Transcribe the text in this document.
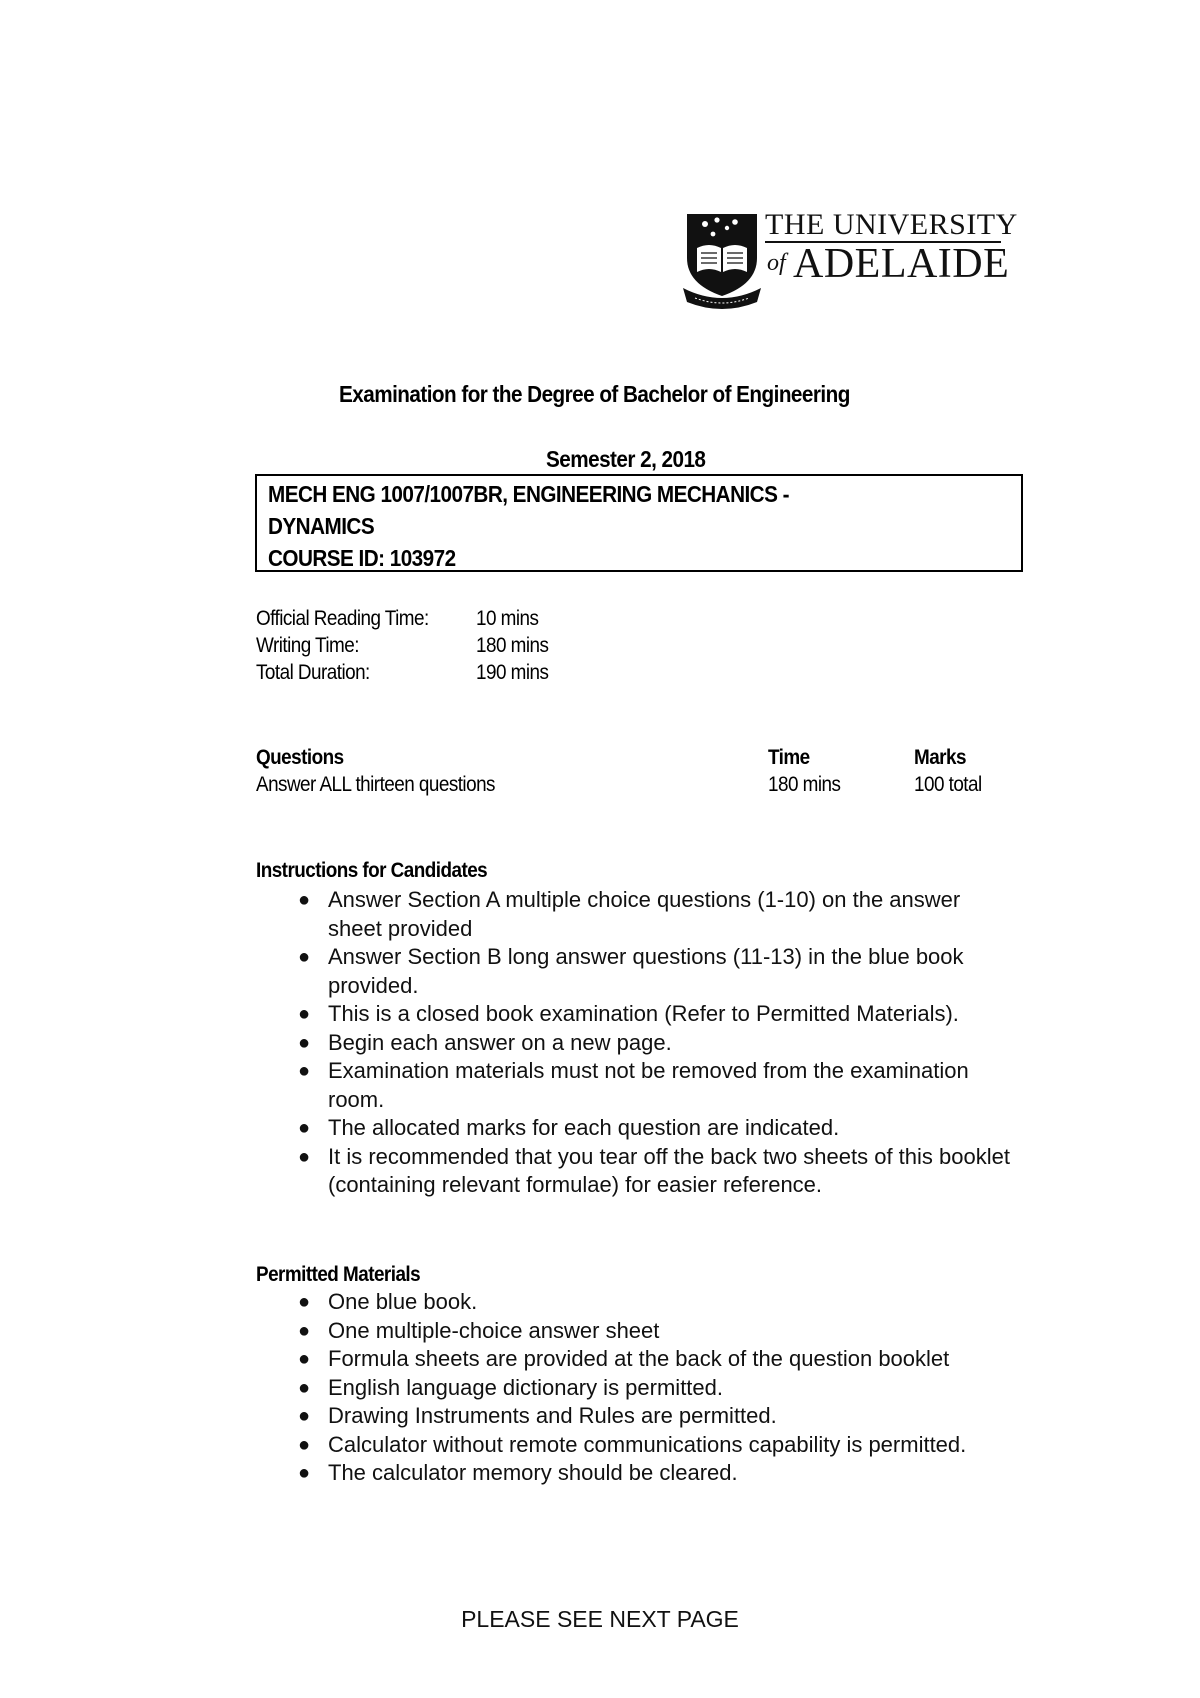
THE UNIVERSITY
of ADELAIDE
Examination for the Degree of Bachelor of Engineering
Semester 2, 2018
MECH ENG 1007/1007BR, ENGINEERING MECHANICS -
DYNAMICS
COURSE ID: 103972
Official Reading Time: 10 mins
Writing Time:	180 mins
Total Duration:	190 mins
Questions	Time	Marks
Answer ALL thirteen questions	180 mins	100 total
Instructions for Candidates
● Answer Section A multiple choice questions (1-10) on the answer sheet provided
● Answer Section B long answer questions (11-13) in the blue book provided.
● This is a closed book examination (Refer to Permitted Materials).
● Begin each answer on a new page.
● Examination materials must not be removed from the examination room.
● The allocated marks for each question are indicated.
● It is recommended that you tear off the back two sheets of this booklet (containing relevant formulae) for easier reference.
Permitted Materials
● One blue book.
● One multiple-choice answer sheet
● Formula sheets are provided at the back of the question booklet
● English language dictionary is permitted.
● Drawing Instruments and Rules are permitted.
● Calculator without remote communications capability is permitted.
● The calculator memory should be cleared.
PLEASE SEE NEXT PAGE
